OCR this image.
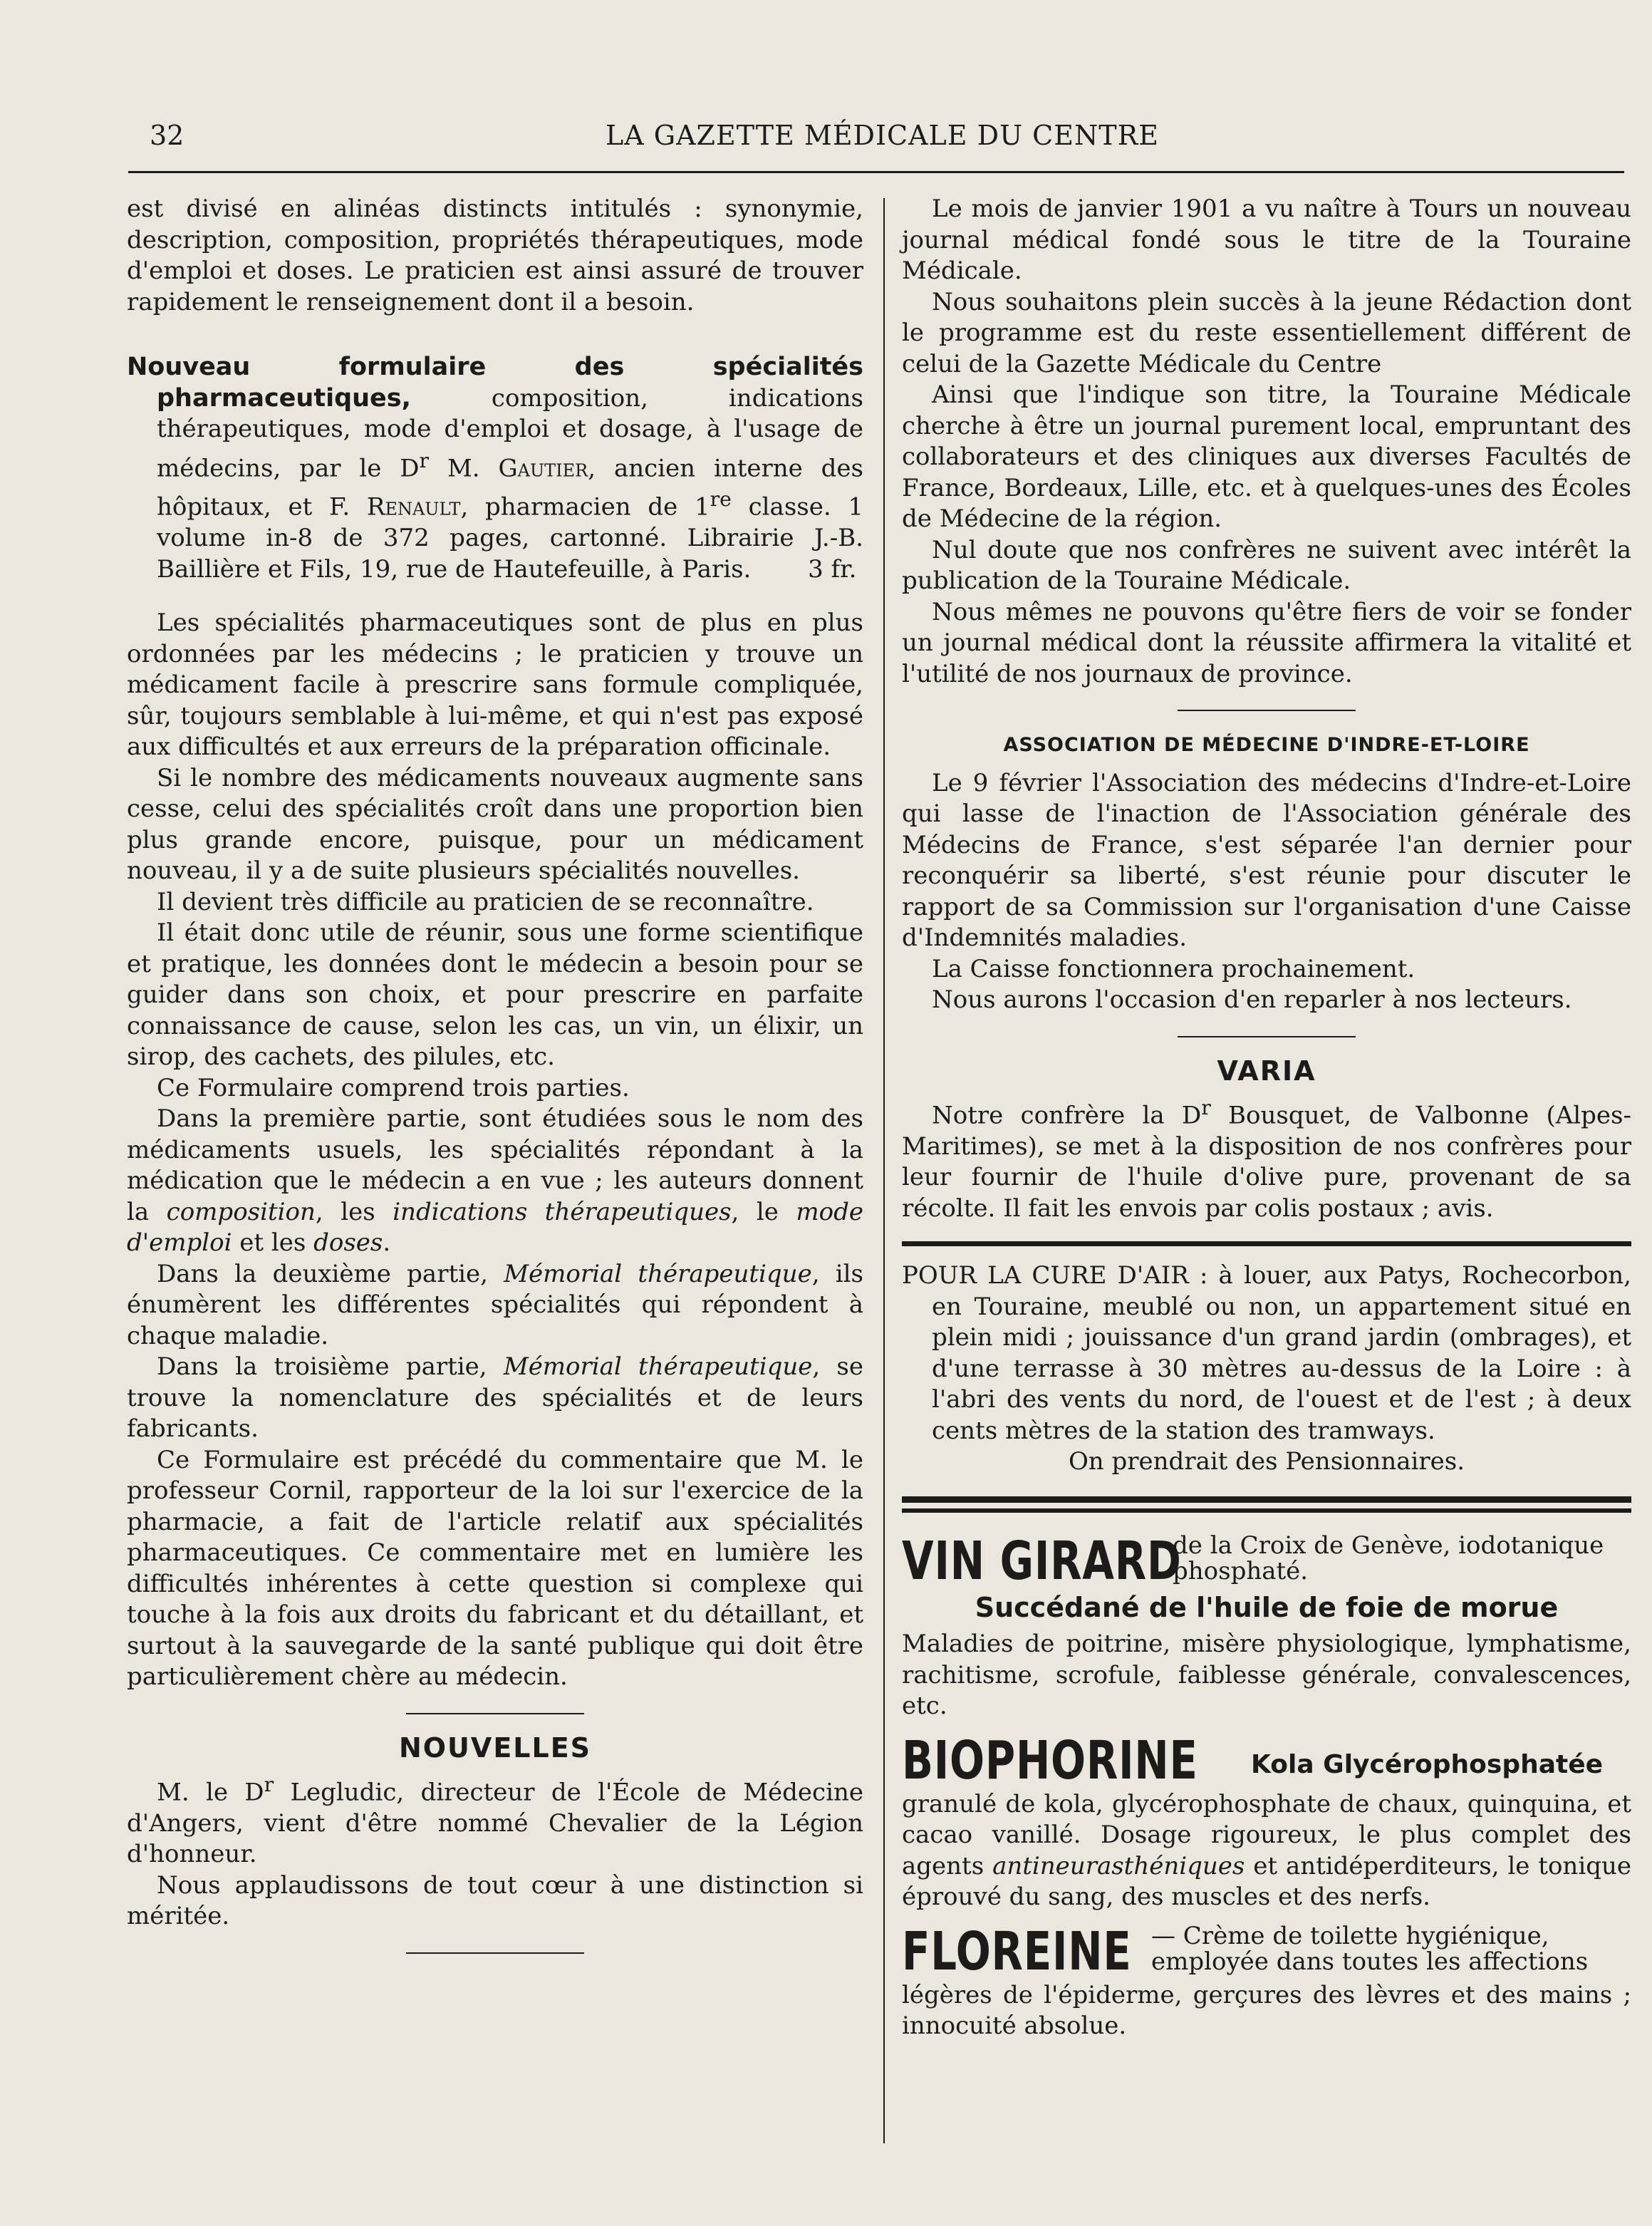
32	LA GAZETTE MÉDICALE DU CENTRE

est divisé en alinéas distincts intitulés : synonymie, description, composition, propriétés thérapeutiques, mode d'emploi et doses. Le praticien est ainsi assuré de trouver rapidement le renseignement dont il a besoin.

Nouveau formulaire des spécialités pharmaceutiques, composition, indications thérapeutiques, mode d'emploi et dosage, à l'usage de médecins, par le $D^r$ M. Gautier, ancien interne des hôpitaux, et F. Renault, pharmacien de 1re classe. 1 volume in-8 de 372 pages, cartonné. Librairie J.-B. Baillière et Fils, 19, rue de Hautefeuille, à Paris. 3 fr.

Les spécialités pharmaceutiques sont de plus en plus ordonnées par les médecins ; le praticien y trouve un médicament facile à prescrire sans formule compliquée, sûr, toujours semblable à lui-même, et qui n'est pas exposé aux difficultés et aux erreurs de la préparation officinale.

Si le nombre des médicaments nouveaux augmente sans cesse, celui des spécialités croît dans une proportion bien plus grande encore, puisque, pour un médicament nouveau, il y a de suite plusieurs spécialités nouvelles.

Il devient très difficile au praticien de se reconnaître.

Il était donc utile de réunir, sous une forme scientifique et pratique, les données dont le médecin a besoin pour se guider dans son choix, et pour prescrire en parfaite connaissance de cause, selon les cas, un vin, un élixir, un sirop, des cachets, des pilules, etc.

Ce Formulaire comprend trois parties.

Dans la première partie, sont étudiées sous le nom des médicaments usuels, les spécialités répondant à la médication que le médecin a en vue ; les auteurs donnent la composition, les indications thérapeutiques, le mode d'emploi et les doses.

Dans la deuxième partie, Mémorial thérapeutique, ils énumèrent les différentes spécialités qui répondent à chaque maladie.

Dans la troisième partie, Mémorial thérapeutique, se trouve la nomenclature des spécialités et de leurs fabricants.

Ce Formulaire est précédé du commentaire que M. le professeur Cornil, rapporteur de la loi sur l'exercice de la pharmacie, a fait de l'article relatif aux spécialités pharmaceutiques. Ce commentaire met en lumière les difficultés inhérentes à cette question si complexe qui touche à la fois aux droits du fabricant et du détaillant, et surtout à la sauvegarde de la santé publique qui doit être particulièrement chère au médecin.

NOUVELLES

M. le $D^r$ Legludic, directeur de l'École de Médecine d'Angers, vient d'être nommé Chevalier de la Légion d'honneur.

Nous applaudissons de tout cœur à une distinction si méritée.

Le mois de janvier 1901 a vu naître à Tours un nouveau journal médical fondé sous le titre de la Touraine Médicale.

Nous souhaitons plein succès à la jeune Rédaction dont le programme est du reste essentiellement différent de celui de la Gazette Médicale du Centre

Ainsi que l'indique son titre, la Touraine Médicale cherche à être un journal purement local, empruntant des collaborateurs et des cliniques aux diverses Facultés de France, Bordeaux, Lille, etc. et à quelques-unes des Écoles de Médecine de la région.

Nul doute que nos confrères ne suivent avec intérêt la publication de la Touraine Médicale.

Nous mêmes ne pouvons qu'être fiers de voir se fonder un journal médical dont la réussite affirmera la vitalité et l'utilité de nos journaux de province.

ASSOCIATION DE MÉDECINE D'INDRE-ET-LOIRE

Le 9 février l'Association des médecins d'Indre-et-Loire qui lasse de l'inaction de l'Association générale des Médecins de France, s'est séparée l'an dernier pour reconquérir sa liberté, s'est réunie pour discuter le rapport de sa Commission sur l'organisation d'une Caisse d'Indemnités maladies.

La Caisse fonctionnera prochainement.

Nous aurons l'occasion d'en reparler à nos lecteurs.

VARIA

Notre confrère la $D^r$ Bousquet, de Valbonne (Alpes-Maritimes), se met à la disposition de nos confrères pour leur fournir de l'huile d'olive pure, provenant de sa récolte. Il fait les envois par colis postaux ; avis.

POUR LA CURE D'AIR : à louer, aux Patys, Rochecorbon, en Touraine, meublé ou non, un appartement situé en plein midi ; jouissance d'un grand jardin (ombrages), et d'une terrasse à 30 mètres au-dessus de la Loire : à l'abri des vents du nord, de l'ouest et de l'est ; à deux cents mètres de la station des tramways.

On prendrait des Pensionnaires.

VIN GIRARD
de la Croix de Genève, iodotanique phosphaté.
Succédané de l'huile de foie de morue

Maladies de poitrine, misère physiologique, lymphatisme, rachitisme, scrofule, faiblesse générale, convalescences, etc.

BIOPHORINE Kola Glycérophosphatée

granulé de kola, glycérophosphate de chaux, quinquina, et cacao vanillé. Dosage rigoureux, le plus complet des agents antineurasthéniques et antidéperditeurs, le tonique éprouvé du sang, des muscles et des nerfs.

FLOREINE — Crème de toilette hygiénique, employée dans toutes les affections

légères de l'épiderme, gerçures des lèvres et des mains ; innocuité absolue.
